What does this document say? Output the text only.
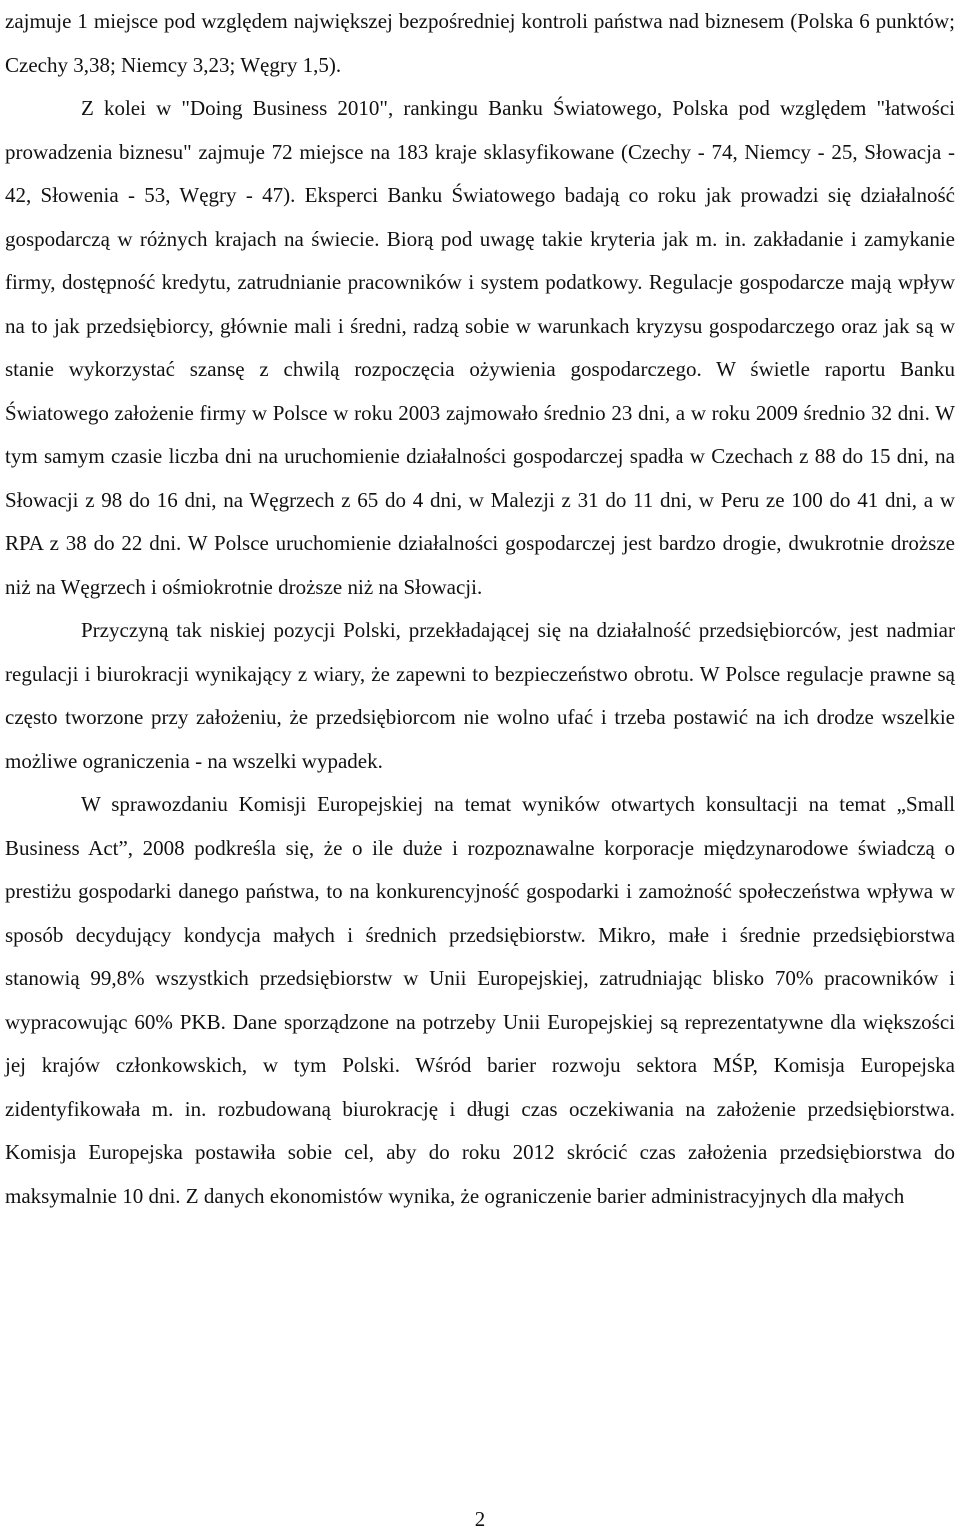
zajmuje 1 miejsce pod względem największej bezpośredniej kontroli państwa nad biznesem (Polska 6 punktów; Czechy 3,38; Niemcy 3,23; Węgry 1,5).

Z kolei w "Doing Business 2010", rankingu Banku Światowego, Polska pod względem "łatwości prowadzenia biznesu" zajmuje 72 miejsce na 183 kraje sklasyfikowane (Czechy - 74, Niemcy - 25, Słowacja - 42, Słowenia - 53, Węgry - 47). Eksperci Banku Światowego badają co roku jak prowadzi się działalność gospodarczą w różnych krajach na świecie. Biorą pod uwagę takie kryteria jak m. in. zakładanie i zamykanie firmy, dostępność kredytu, zatrudnianie pracowników i system podatkowy. Regulacje gospodarcze mają wpływ na to jak przedsiębiorcy, głównie mali i średni, radzą sobie w warunkach kryzysu gospodarczego oraz jak są w stanie wykorzystać szansę z chwilą rozpoczęcia ożywienia gospodarczego. W świetle raportu Banku Światowego założenie firmy w Polsce w roku 2003 zajmowało średnio 23 dni, a w roku 2009 średnio 32 dni. W tym samym czasie liczba dni na uruchomienie działalności gospodarczej spadła w Czechach z 88 do 15 dni, na Słowacji z 98 do 16 dni, na Węgrzech z 65 do 4 dni, w Malezji z 31 do 11 dni, w Peru ze 100 do 41 dni, a w RPA z 38 do 22 dni. W Polsce uruchomienie działalności gospodarczej jest bardzo drogie, dwukrotnie droższe niż na Węgrzech i ośmiokrotnie droższe niż na Słowacji.

Przyczyną tak niskiej pozycji Polski, przekładającej się na działalność przedsiębiorców, jest nadmiar regulacji i biurokracji wynikający z wiary, że zapewni to bezpieczeństwo obrotu. W Polsce regulacje prawne są często tworzone przy założeniu, że przedsiębiorcom nie wolno ufać i trzeba postawić na ich drodze wszelkie możliwe ograniczenia - na wszelki wypadek.

W sprawozdaniu Komisji Europejskiej na temat wyników otwartych konsultacji na temat „Small Business Act”, 2008 podkreśla się, że o ile duże i rozpoznawalne korporacje międzynarodowe świadczą o prestiżu gospodarki danego państwa, to na konkurencyjność gospodarki i zamożność społeczeństwa wpływa w sposób decydujący kondycja małych i średnich przedsiębiorstw. Mikro, małe i średnie przedsiębiorstwa stanowią 99,8% wszystkich przedsiębiorstw w Unii Europejskiej, zatrudniając blisko 70% pracowników i wypracowując 60% PKB. Dane sporządzone na potrzeby Unii Europejskiej są reprezentatywne dla większości jej krajów członkowskich, w tym Polski. Wśród barier rozwoju sektora MŚP, Komisja Europejska zidentyfikowała m. in. rozbudowaną biurokrację i długi czas oczekiwania na założenie przedsiębiorstwa. Komisja Europejska postawiła sobie cel, aby do roku 2012 skrócić czas założenia przedsiębiorstwa do maksymalnie 10 dni. Z danych ekonomistów wynika, że ograniczenie barier administracyjnych dla małych

2
